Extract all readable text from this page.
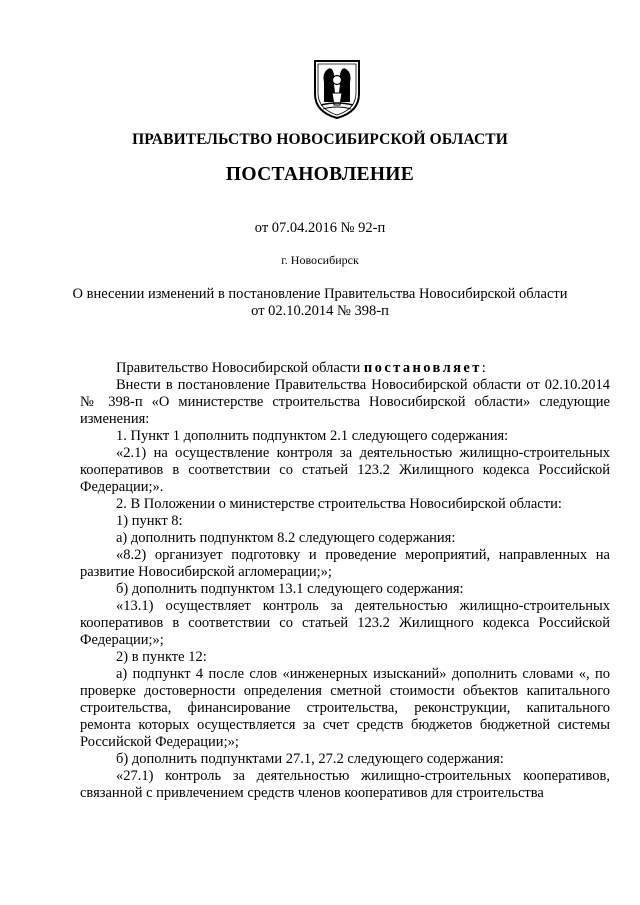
ПРАВИТЕЛЬСТВО НОВОСИБИРСКОЙ ОБЛАСТИ
ПОСТАНОВЛЕНИЕ
от 07.04.2016 № 92-п
г. Новосибирск
О внесении изменений в постановление Правительства Новосибирской области
от 02.10.2014 № 398-п

Правительство Новосибирской области постановляет:

Внести в постановление Правительства Новосибирской области от 02.10.2014 № 398-п «О министерстве строительства Новосибирской области» следующие изменения:

1. Пункт 1 дополнить подпунктом 2.1 следующего содержания:

«2.1) на осуществление контроля за деятельностью жилищно-строительных кооперативов в соответствии со статьей 123.2 Жилищного кодекса Российской Федерации;».

2. В Положении о министерстве строительства Новосибирской области:

1) пункт 8:

а) дополнить подпунктом 8.2 следующего содержания:

«8.2) организует подготовку и проведение мероприятий, направленных на развитие Новосибирской агломерации;»;

б) дополнить подпунктом 13.1 следующего содержания:

«13.1) осуществляет контроль за деятельностью жилищно-строительных кооперативов в соответствии со статьей 123.2 Жилищного кодекса Российской Федерации;»;

2) в пункте 12:

а) подпункт 4 после слов «инженерных изысканий» дополнить словами «, по проверке достоверности определения сметной стоимости объектов капитального строительства, финансирование строительства, реконструкции, капитального ремонта которых осуществляется за счет средств бюджетов бюджетной системы Российской Федерации;»;

б) дополнить подпунктами 27.1, 27.2 следующего содержания:

«27.1) контроль за деятельностью жилищно-строительных кооперативов, связанной с привлечением средств членов кооперативов для строительства
